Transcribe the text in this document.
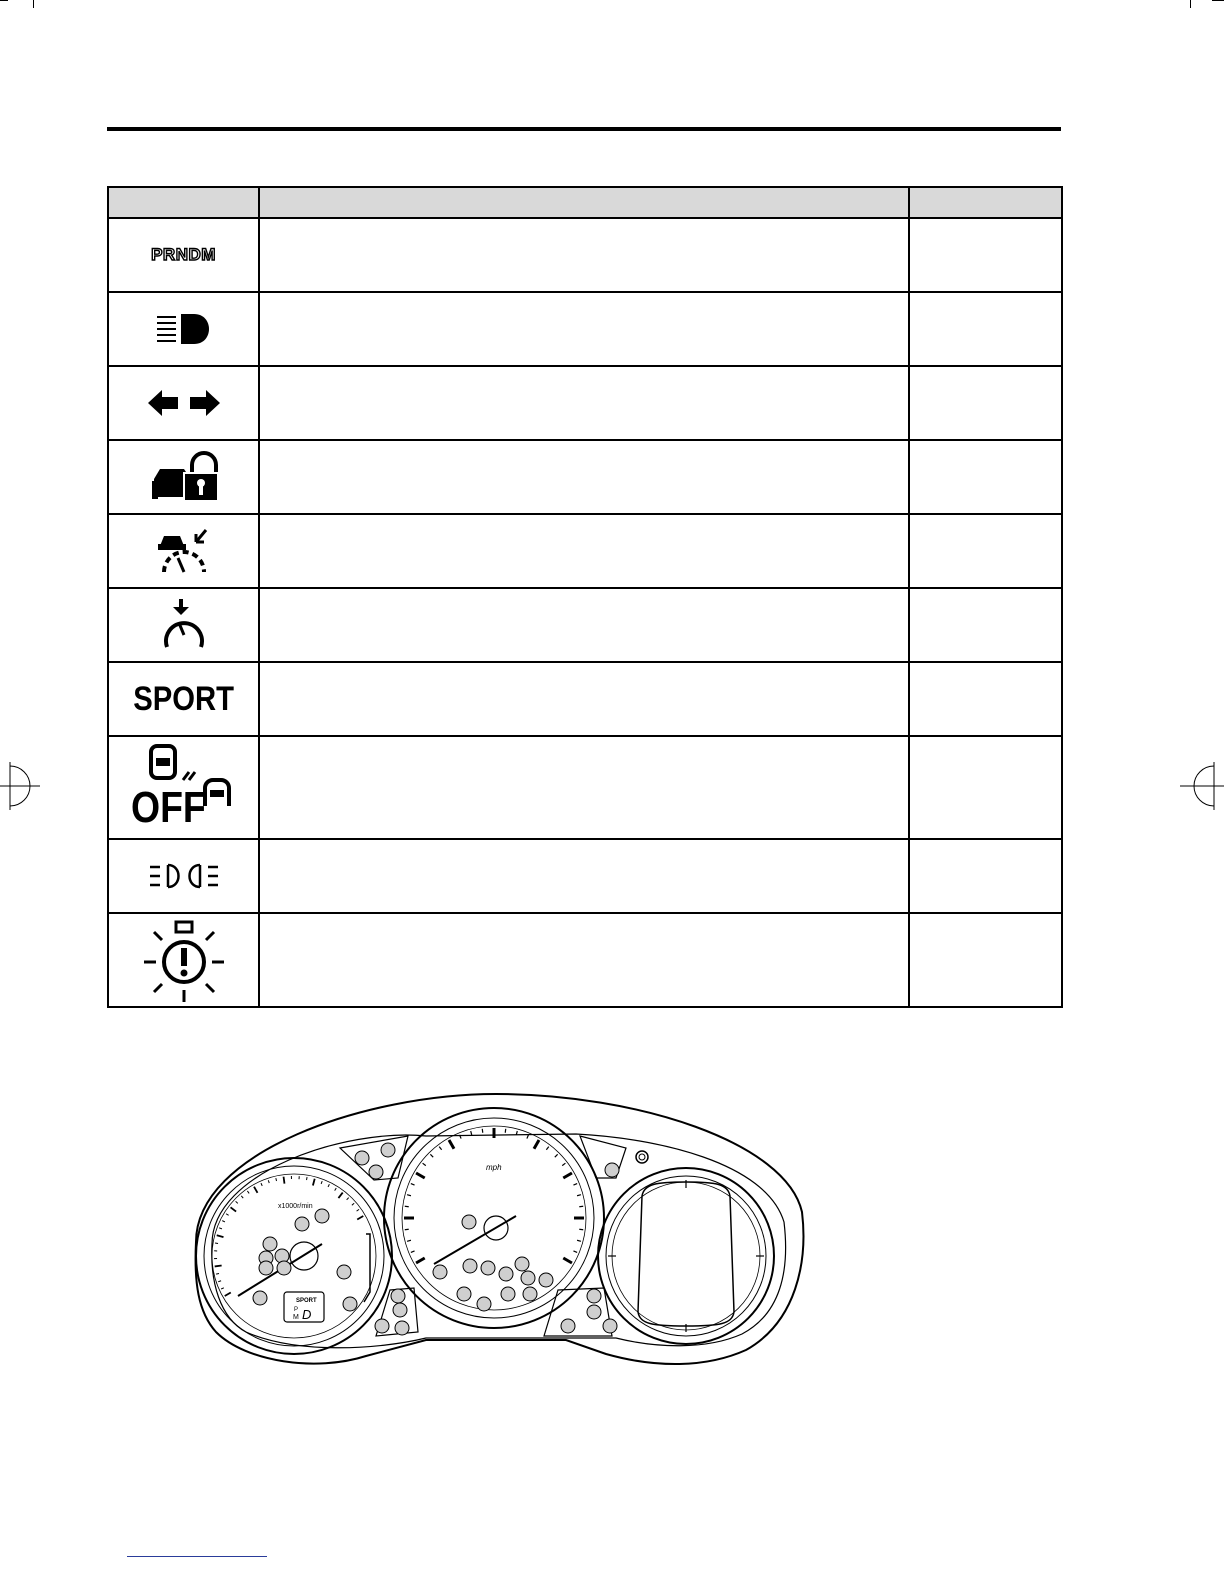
PRNDM		

SPORT		

OFF		

x1000r/min
SPORT
P
M D
mph
